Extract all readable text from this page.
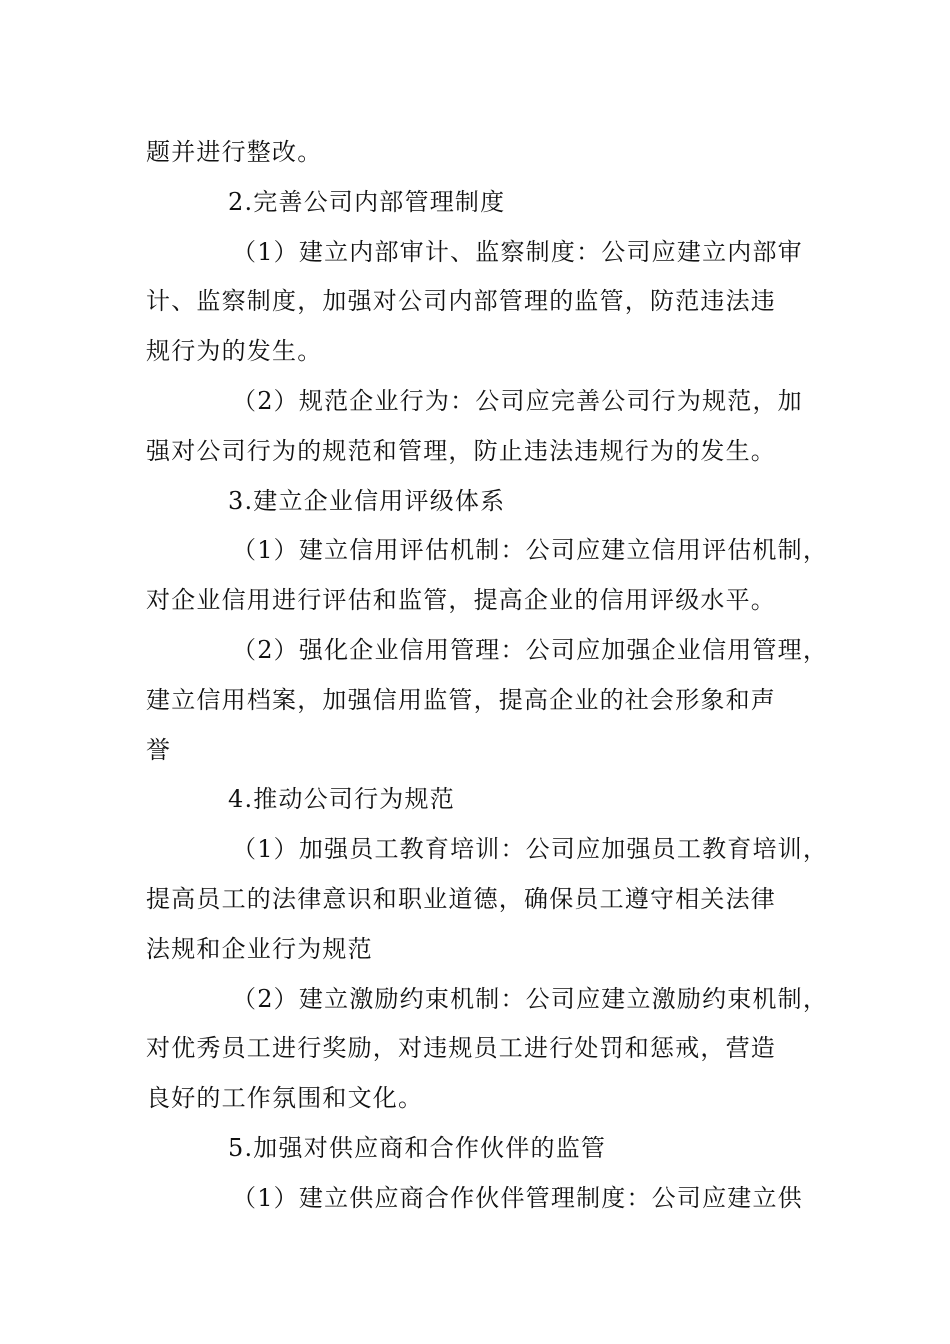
题并进行整改。
2.完善公司内部管理制度
（1）建立内部审计、监察制度：公司应建立内部审
计、监察制度，加强对公司内部管理的监管，防范违法违
规行为的发生。
（2）规范企业行为：公司应完善公司行为规范，加
强对公司行为的规范和管理，防止违法违规行为的发生。
3.建立企业信用评级体系
（1）建立信用评估机制：公司应建立信用评估机制，
对企业信用进行评估和监管，提高企业的信用评级水平。
（2）强化企业信用管理：公司应加强企业信用管理，
建立信用档案，加强信用监管，提高企业的社会形象和声
誉
4.推动公司行为规范
（1）加强员工教育培训：公司应加强员工教育培训，
提高员工的法律意识和职业道德，确保员工遵守相关法律
法规和企业行为规范
（2）建立激励约束机制：公司应建立激励约束机制，
对优秀员工进行奖励，对违规员工进行处罚和惩戒，营造
良好的工作氛围和文化。
5.加强对供应商和合作伙伴的监管
（1）建立供应商合作伙伴管理制度：公司应建立供
